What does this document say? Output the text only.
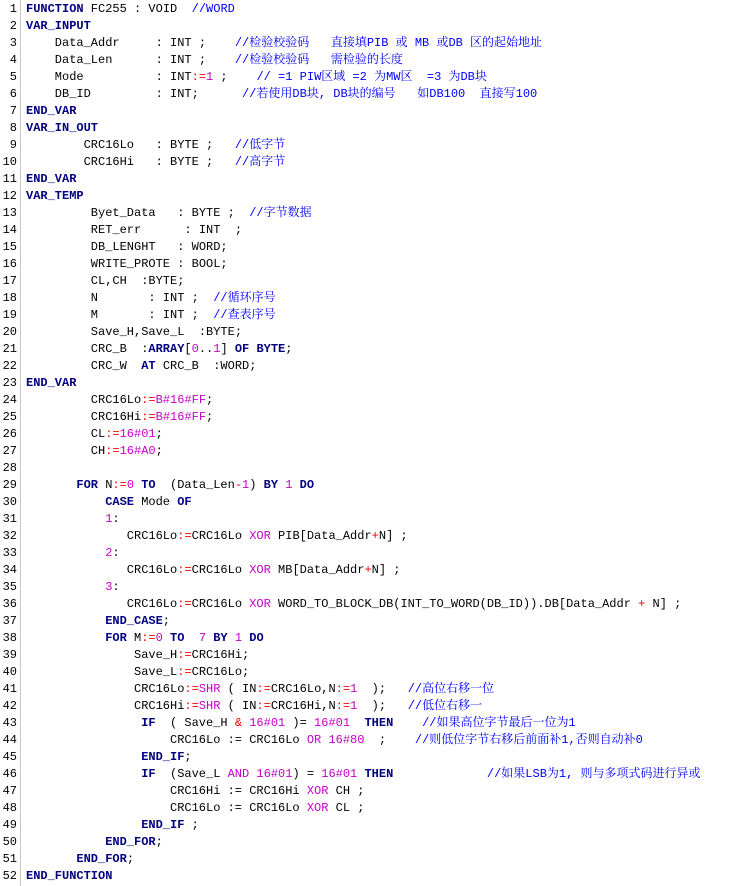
1 FUNCTION FC255 : VOID  //WORD
2 VAR_INPUT
3	Data_Addr     : INT ;    //检验校验码   直接填PIB 或 MB 或DB 区的起始地址
4	Data_Len      : INT ;    //检验校验码   需检验的长度
5	Mode          : INT:=1 ;    // =1 PIW区域 =2 为MW区  =3 为DB块
6	DB_ID         : INT;      //若使用DB块, DB块的编号   如DB100  直接写100
7 END_VAR
8 VAR_IN_OUT
9	CRC16Lo   : BYTE ;   //低字节
10	CRC16Hi   : BYTE ;   //高字节
11 END_VAR
12 VAR_TEMP
13	Byet_Data   : BYTE ;  //字节数据
14	RET_err      : INT  ;
15	DB_LENGHT   : WORD;
16	WRITE_PROTE : BOOL;
17	CL,CH  :BYTE;
18	N       : INT ;  //循环序号
19	M       : INT ;  //查表序号
20	Save_H,Save_L  :BYTE;
21	CRC_B  :ARRAY[0..1] OF BYTE;
22	CRC_W  AT CRC_B  :WORD;
23 END_VAR
24	CRC16Lo:=B#16#FF;
25	CRC16Hi:=B#16#FF;
26	CL:=16#01;
27	CH:=16#A0;
28
29	FOR N:=0 TO  (Data_Len-1) BY 1 DO
30	CASE Mode OF
31	1:
32	CRC16Lo:=CRC16Lo XOR PIB[Data_Addr+N] ;
33	2:
34	CRC16Lo:=CRC16Lo XOR MB[Data_Addr+N] ;
35	3:
36	CRC16Lo:=CRC16Lo XOR WORD_TO_BLOCK_DB(INT_TO_WORD(DB_ID)).DB[Data_Addr + N] ;
37	END_CASE;
38	FOR M:=0 TO 7 BY 1 DO
39	Save_H:=CRC16Hi;
40	Save_L:=CRC16Lo;
41	CRC16Lo:=SHR ( IN:=CRC16Lo,N:=1  );   //高位右移一位
42	CRC16Hi:=SHR ( IN:=CRC16Hi,N:=1  );   //低位右移一
43	IF  ( Save_H & 16#01 )= 16#01 THEN //如果高位字节最后一位为1
44	CRC16Lo := CRC16Lo OR 16#80  ;    //则低位字节右移后前面补1,否则自动补0
45	END_IF;
46	IF  (Save_L AND 16#01) = 16#01 THEN	//如果LSB为1, 则与多项式码进行异或
47	CRC16Hi := CRC16Hi XOR CH ;
48	CRC16Lo := CRC16Lo XOR CL ;
49	END_IF ;
50	END_FOR;
51	END_FOR;
52 END_FUNCTION
